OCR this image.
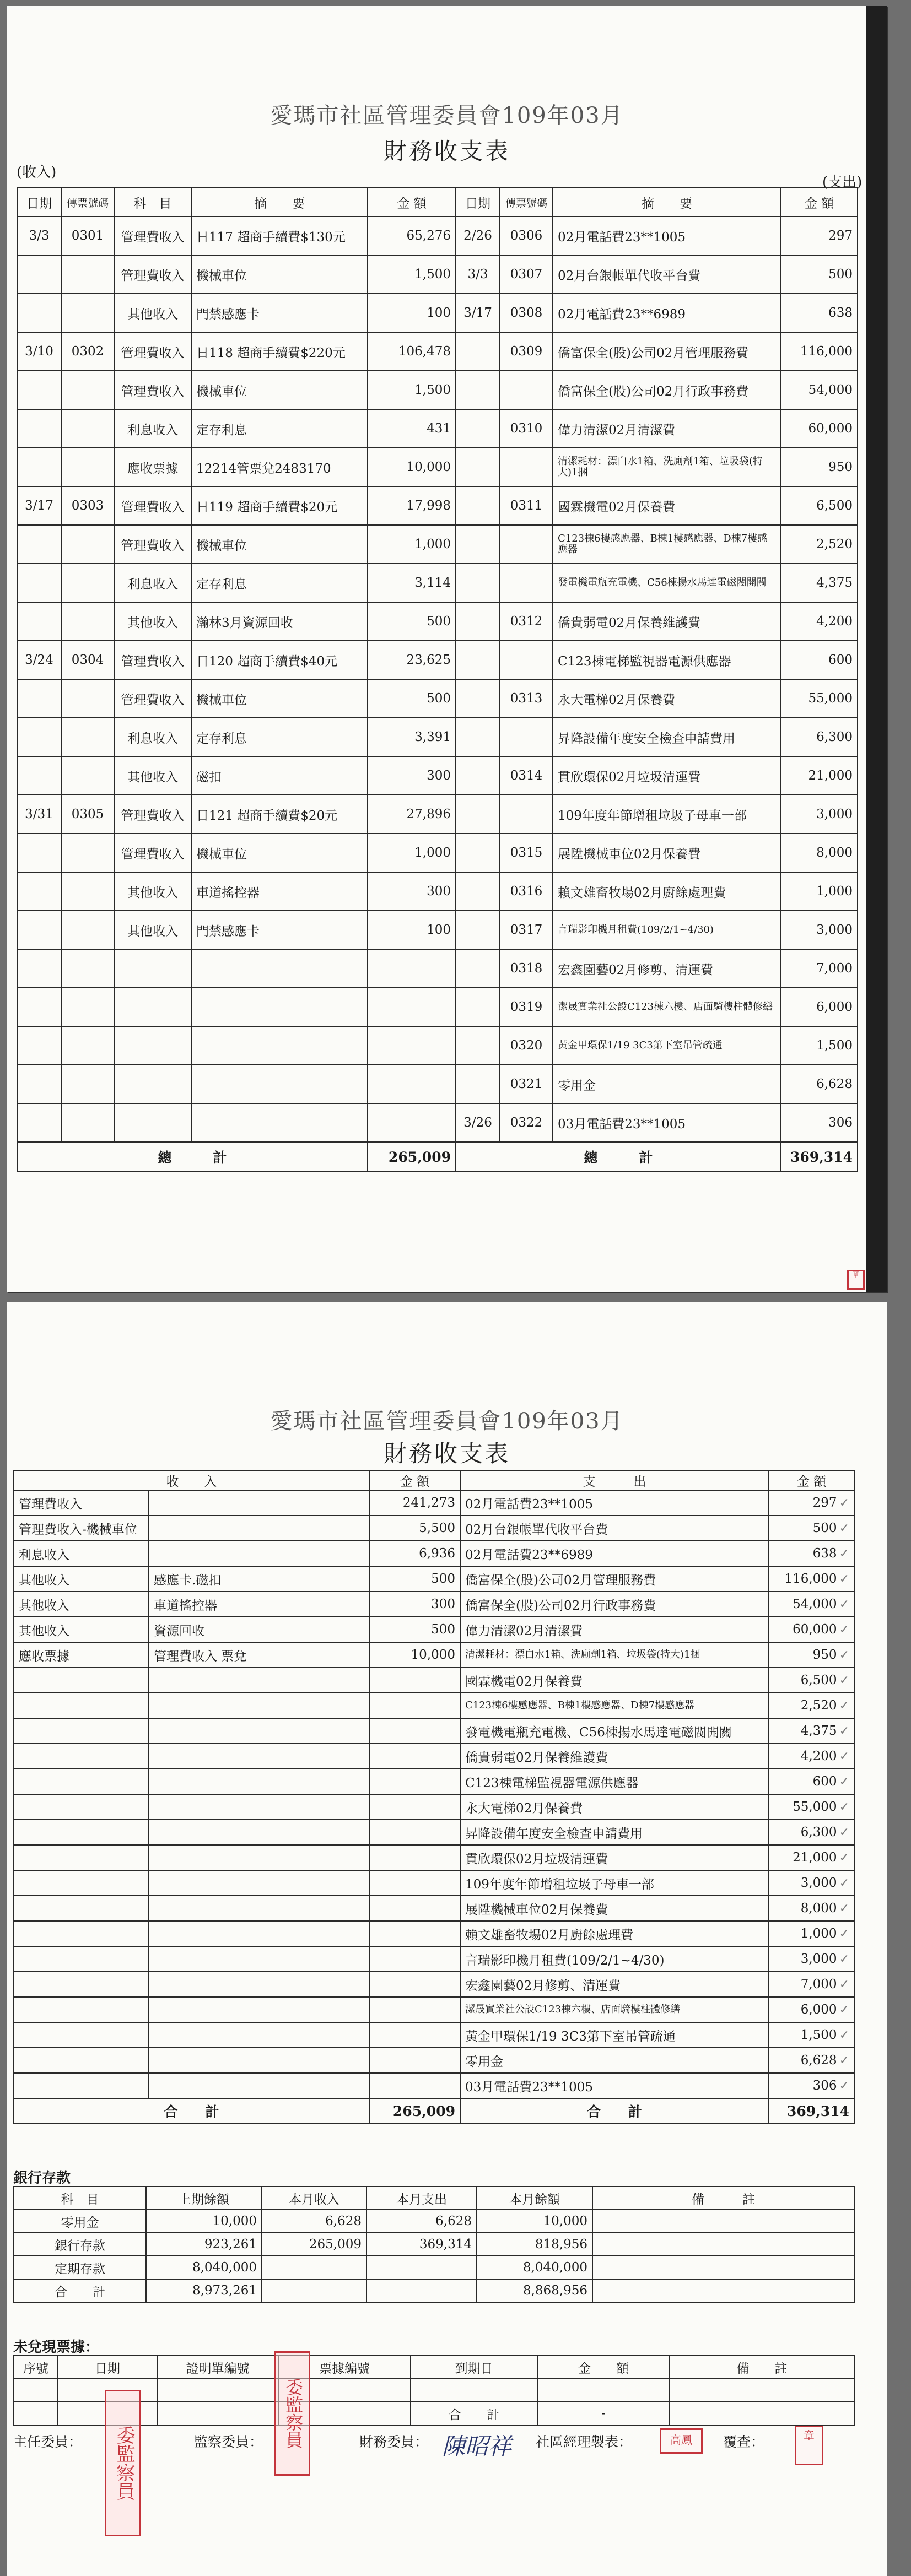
愛瑪市社區管理委員會109年03月
財務收支表
(收入)
(支出)
日期	傳票號碼	科　目	摘　　要	金 額	日期	傳票號碼	摘　　要	金 額
3/3	0301	管理費收入	日117 超商手續費$130元	65,276	2/26	0306	02月電話費23**1005	297
		管理費收入	機械車位	1,500	3/3	0307	02月台銀帳單代收平台費	500
		其他收入	門禁感應卡	100	3/17	0308	02月電話費23**6989	638
3/10	0302	管理費收入	日118 超商手續費$220元	106,478		0309	僑富保全(股)公司02月管理服務費	116,000
		管理費收入	機械車位	1,500			僑富保全(股)公司02月行政事務費	54,000
		利息收入	定存利息	431		0310	偉力清潔02月清潔費	60,000
		應收票據	12214管票兌2483170	10,000			清潔耗材：漂白水1箱、洗廁劑1箱、垃圾袋(特大)1捆	950
3/17	0303	管理費收入	日119 超商手續費$20元	17,998		0311	國霖機電02月保養費	6,500
		管理費收入	機械車位	1,000			C123棟6樓感應器、B棟1樓感應器、D棟7樓感應器	2,520
		利息收入	定存利息	3,114			發電機電瓶充電機、C56棟揚水馬達電磁閥開關	4,375
		其他收入	瀚林3月資源回收	500		0312	僑貴弱電02月保養維護費	4,200
3/24	0304	管理費收入	日120 超商手續費$40元	23,625			C123棟電梯監視器電源供應器	600
		管理費收入	機械車位	500		0313	永大電梯02月保養費	55,000
		利息收入	定存利息	3,391			昇降設備年度安全檢查申請費用	6,300
		其他收入	磁扣	300		0314	貫欣環保02月垃圾清運費	21,000
3/31	0305	管理費收入	日121 超商手續費$20元	27,896			109年度年節增租垃圾子母車一部	3,000
		管理費收入	機械車位	1,000		0315	展陞機械車位02月保養費	8,000
		其他收入	車道搖控器	300		0316	賴文雄畜牧場02月廚餘處理費	1,000
		其他收入	門禁感應卡	100		0317	言瑞影印機月租費(109/2/1~4/30)	3,000
						0318	宏鑫園藝02月修剪、清運費	7,000
						0319	潔晟實業社公設C123棟六樓、店面騎樓柱體修繕	6,000
						0320	黃金甲環保1/19 3C3第下室吊管疏通	1,500
						0321	零用金	6,628
					3/26	0322	03月電話費23**1005	306
總　　　計				265,009	總　　　計			369,314
章
愛瑪市社區管理委員會109年03月
財務收支表
收　　入		金 額	支　　　出	金 額
管理費收入		241,273	02月電話費23**1005	297 ✓
管理費收入-機械車位		5,500	02月台銀帳單代收平台費	500 ✓
利息收入		6,936	02月電話費23**6989	638 ✓
其他收入	感應卡.磁扣	500	僑富保全(股)公司02月管理服務費	116,000 ✓
其他收入	車道搖控器	300	僑富保全(股)公司02月行政事務費	54,000 ✓
其他收入	資源回收	500	偉力清潔02月清潔費	60,000 ✓
應收票據	管理費收入 票兌	10,000	清潔耗材：漂白水1箱、洗廁劑1箱、垃圾袋(特大)1捆	950 ✓
			國霖機電02月保養費	6,500 ✓
			C123棟6樓感應器、B棟1樓感應器、D棟7樓感應器	2,520 ✓
			發電機電瓶充電機、C56棟揚水馬達電磁閥開關	4,375 ✓
			僑貴弱電02月保養維護費	4,200 ✓
			C123棟電梯監視器電源供應器	600 ✓
			永大電梯02月保養費	55,000 ✓
			昇降設備年度安全檢查申請費用	6,300 ✓
			貫欣環保02月垃圾清運費	21,000 ✓
			109年度年節增租垃圾子母車一部	3,000 ✓
			展陞機械車位02月保養費	8,000 ✓
			賴文雄畜牧場02月廚餘處理費	1,000 ✓
			言瑞影印機月租費(109/2/1~4/30)	3,000 ✓
			宏鑫園藝02月修剪、清運費	7,000 ✓
			潔晟實業社公設C123棟六樓、店面騎樓柱體修繕	6,000 ✓
			黃金甲環保1/19 3C3第下室吊管疏通	1,500 ✓
			零用金	6,628 ✓
			03月電話費23**1005	306 ✓
合　　計		265,009	合　　計	369,314
銀行存款
科　目	上期餘額	本月收入	本月支出	本月餘額	備　　　註
零用金	10,000	6,628	6,628	10,000	
銀行存款	923,261	265,009	369,314	818,956	
定期存款	8,040,000			8,040,000	
合　　計	8,973,261			8,868,956	
未兌現票據：
序號	日期	證明單編號	票據編號	到期日	金　　額	備　　註

				合　　計	-	
主任委員：	監察委員：	財務委員：	社區經理製表：	覆查：
委監察員
委監察員	陳昭祥	高鳳	章
